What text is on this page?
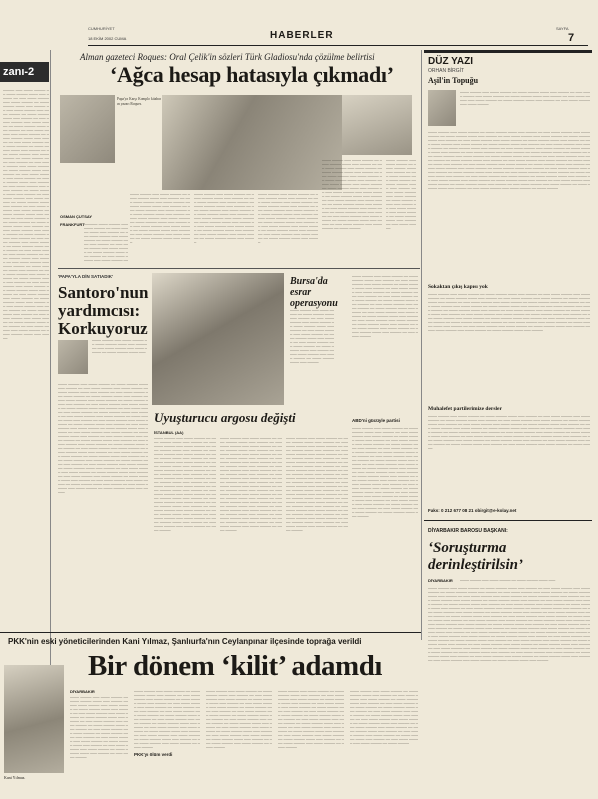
CUMHURİYET
18 EKİM 2002 CUMA	HABERLER
SAYFA
7
zanı-2
───── ─── ──── ───── ── ──── ───── ──── ─── ───── ── ─── ──── ───── ─── ──── ───── ── ──── ───── ──── ─── ───── ── ─── ──── ───── ─── ──── ───── ── ──── ───── ──── ─── ───── ── ─── ──── ───── ─── ──── ───── ── ──── ───── ──── ─── ───── ── ─── ──── ───── ─── ──── ───── ── ──── ───── ──── ─── ───── ── ─── ──── ───── ─── ──── ───── ── ──── ───── ──── ─── ───── ── ─── ──── ───── ─── ──── ───── ── ──── ───── ──── ─── ───── ── ─── ──── ───── ─── ──── ───── ── ──── ───── ──── ─── ───── ── ─── ──── ───── ─── ──── ───── ── ──── ───── ──── ─── ───── ── ─── ──── ───── ─── ──── ───── ── ──── ───── ──── ─── ───── ── ─── ──── ───── ─── ──── ───── ── ──── ───── ──── ─── ───── ── ─── ──── ───── ─── ──── ───── ── ──── ───── ──── ─── ───── ── ─── ──── ───── ─── ──── ───── ── ──── ───── ──── ─── ───── ── ─── ──── ───── ─── ──── ───── ── ──── ───── ──── ─── ───── ── ─── ──── ───── ─── ──── ───── ── ──── ───── ──── ─── ───── ── ─── ──── ───── ─── ──── ───── ── ──── ───── ──── ─── ───── ── ─── ──── ───── ─── ──── ───── ── ──── ───── ──── ─── ───── ── ─── ──── ───── ─── ──── ───── ── ──── ───── ──── ─── ───── ── ─── ──── ───── ─── ──── ───── ── ──── ───── ──── ─── ───── ── ─── ──── ───── ─── ──── ───── ── ──── ───── ──── ─── ───── ── ─── ──── ───── ─── ──── ───── ── ──── ───── ──── ─── ───── ── ─── ──── ───── ─── ──── ───── ── ──── ───── ──── ─── ───── ── ─── ──── ───── ─── ──── ───── ── ──── ───── ──── ─── ─────
Alman gazeteci Roques: Oral Çelik'in sözleri Türk Gladiosu'nda çözülme belirtisi
‘Ağca hesap hatasıyla çıkmadı’
Papa'ya Karşı Komplo kitabının yazarı Roques.
OSMAN ÇUTSAY
FRANKFURT ────── ──── ───── ─── ──── ───── ── ──── ───── ──── ─── ───── ── ─── ──── ───── ─── ──── ───── ── ──── ───── ──── ─── ───── ── ─── ──── ───── ─── ──── ───── ── ──── ───── ──── ─── ───── ── ─── ──── ───── ─── ──── ───── ── ──── ───── ──── ───
──── ───── ─── ──── ───── ── ──── ───── ──── ─── ───── ── ─── ──── ───── ─── ──── ───── ── ──── ───── ──── ─── ───── ── ─── ──── ───── ─── ──── ───── ── ──── ───── ──── ─── ───── ── ─── ──── ───── ─── ──── ───── ── ──── ───── ──── ─── ───── ── ─── ──── ───── ─── ──── ───── ── ──── ───── ──── ─── ───── ── ─── ──── ───── ─── ──── ───── ── ──── ───── ──── ─── ─────
──── ───── ─── ──── ───── ── ──── ───── ──── ─── ───── ── ─── ──── ───── ─── ──── ───── ── ──── ───── ──── ─── ───── ── ─── ──── ───── ─── ──── ───── ── ──── ───── ──── ─── ───── ── ─── ──── ───── ─── ──── ───── ── ──── ───── ──── ─── ───── ── ─── ──── ───── ─── ──── ───── ── ──── ───── ──── ─── ───── ── ─── ──── ───── ─── ──── ───── ── ──── ───── ──── ─── ─────
──── ───── ─── ──── ───── ── ──── ───── ──── ─── ───── ── ─── ──── ───── ─── ──── ───── ── ──── ───── ──── ─── ───── ── ─── ──── ───── ─── ──── ───── ── ──── ───── ──── ─── ───── ── ─── ──── ───── ─── ──── ───── ── ──── ───── ──── ─── ───── ── ─── ──── ───── ─── ──── ───── ── ──── ───── ──── ─── ───── ── ─── ──── ───── ─── ──── ───── ── ──── ───── ──── ─── ─────
──── ───── ─── ──── ───── ── ──── ───── ──── ─── ───── ── ─── ──── ───── ─── ──── ───── ── ──── ───── ──── ─── ───── ── ─── ──── ───── ─── ──── ───── ── ──── ───── ──── ─── ───── ── ─── ──── ───── ─── ──── ───── ── ──── ───── ──── ─── ───── ── ─── ──── ───── ─── ──── ───── ── ──── ───── ──── ─── ───── ── ─── ──── ───── ─── ──── ───── ── ──── ───── ──── ─── ───── ── ─── ──── ───── ─── ──── ───── ── ──── ───── ──── ─── ───── ── ─── ──── ───── ─── ──── ───── ── ──── ───── ──── ─── ───── ── ─── ──── ───── ─── ──── ───── ── ──── ─────
──── ───── ─── ──── ───── ── ──── ───── ──── ─── ───── ── ─── ──── ───── ─── ──── ───── ── ──── ───── ──── ─── ───── ── ─── ──── ───── ─── ──── ───── ── ──── ───── ──── ─── ───── ── ─── ──── ───── ─── ──── ───── ── ──── ───── ──── ─── ───── ── ─── ──── ─────
'PAPA'YLA DİN SATIADIK'
Santoro'nun yardımcısı: Korkuyoruz
──── ───── ─── ──── ───── ── ──── ───── ──── ─── ───── ── ─── ──── ───── ─── ──── ───── ── ──── ───── ──── ───
──── ───── ─── ──── ───── ── ──── ───── ──── ─── ───── ── ─── ──── ───── ─── ──── ───── ── ──── ───── ──── ─── ───── ── ─── ──── ───── ─── ──── ───── ── ──── ───── ──── ─── ───── ── ─── ──── ───── ─── ──── ───── ── ──── ───── ──── ─── ───── ── ─── ──── ───── ─── ──── ───── ── ──── ───── ──── ─── ───── ── ─── ──── ───── ─── ──── ───── ── ──── ───── ──── ─── ───── ── ─── ──── ───── ─── ──── ───── ── ──── ───── ──── ─── ───── ── ─── ──── ───── ─── ──── ───── ── ──── ───── ──── ─── ───── ── ─── ──── ───── ─── ──── ───── ── ──── ───── ──── ─── ───── ── ─── ──── ───── ─── ──── ───── ── ──── ───── ──── ─── ───── ── ─── ──── ───── ─── ──── ───── ── ──── ───── ──── ─── ───── ── ─── ──── ───── ─── ──── ───── ── ──── ───── ──── ─── ───── ── ─── ──── ───── ─── ──── ───── ── ──── ───── ──── ─── ───── ── ─── ──── ───── ─── ──── ───── ── ──── ───── ──── ─── ───── ── ─── ──── ───── ─── ──── ───── ── ──── ───── ──── ─── ───── ── ─── ──── ───── ─── ──── ───── ── ──── ───── ──── ─── ───── ── ─── ──── ───── ─── ──── ───── ── ──── ───── ──── ─── ───── ── ─── ──── ───── ─── ──── ───── ── ──── ───── ──── ─── ───── ── ─── ──── ───── ─── ──── ───── ── ──── ───── ──── ─── ───── ── ─── ──── ───── ─── ──── ───── ── ──── ───── ──── ─── ─────
Bursa'da esrar operasyonu
──── ───── ─── ──── ───── ── ──── ───── ──── ─── ───── ── ─── ──── ───── ─── ──── ───── ── ──── ───── ──── ─── ───── ── ─── ──── ───── ─── ──── ───── ── ──── ───── ──── ─── ───── ── ─── ──── ───── ─── ──── ───── ── ──── ───── ──── ─── ───── ── ─── ──── ───── ─── ──── ───── ── ──── ───── ──── ─── ─────
Uyuşturucu argosu değişti
İSTANBUL (AA)
──── ───── ─── ──── ───── ── ──── ───── ──── ─── ───── ── ─── ──── ───── ─── ──── ───── ── ──── ───── ──── ─── ───── ── ─── ──── ───── ─── ──── ───── ── ──── ───── ──── ─── ───── ── ─── ──── ───── ─── ──── ───── ── ──── ───── ──── ─── ───── ── ─── ──── ───── ─── ──── ───── ── ──── ───── ──── ─── ───── ── ─── ──── ───── ─── ──── ───── ── ──── ───── ──── ─── ───── ── ─── ──── ───── ─── ──── ───── ── ──── ───── ──── ─── ───── ── ─── ──── ───── ─── ──── ───── ── ──── ───── ──── ─── ───── ── ─── ──── ───── ─── ──── ───── ── ──── ───── ──── ─── ───── ── ─── ──── ───── ─── ──── ───── ── ──── ───── ──── ─── ───── ── ─── ──── ───── ─── ──── ───── ── ──── ───── ──── ─── ───── ── ─── ──── ───── ─── ──── ───── ── ──── ─────
──── ───── ─── ──── ───── ── ──── ───── ──── ─── ───── ── ─── ──── ───── ─── ──── ───── ── ──── ───── ──── ─── ───── ── ─── ──── ───── ─── ──── ───── ── ──── ───── ──── ─── ───── ── ─── ──── ───── ─── ──── ───── ── ──── ───── ──── ─── ───── ── ─── ──── ───── ─── ──── ───── ── ──── ───── ──── ─── ───── ── ─── ──── ───── ─── ──── ───── ── ──── ───── ──── ─── ───── ── ─── ──── ───── ─── ──── ───── ── ──── ───── ──── ─── ───── ── ─── ──── ───── ─── ──── ───── ── ──── ───── ──── ─── ───── ── ─── ──── ───── ─── ──── ───── ── ──── ───── ──── ─── ───── ── ─── ──── ───── ─── ──── ───── ── ──── ───── ──── ─── ───── ── ─── ──── ───── ─── ──── ───── ── ──── ───── ──── ─── ───── ── ─── ──── ───── ─── ──── ───── ── ──── ─────
──── ───── ─── ──── ───── ── ──── ───── ──── ─── ───── ── ─── ──── ───── ─── ──── ───── ── ──── ───── ──── ─── ───── ── ─── ──── ───── ─── ──── ───── ── ──── ───── ──── ─── ───── ── ─── ──── ───── ─── ──── ───── ── ──── ───── ──── ─── ───── ── ─── ──── ───── ─── ──── ───── ── ──── ───── ──── ─── ───── ── ─── ──── ───── ─── ──── ───── ── ──── ───── ──── ─── ───── ── ─── ──── ───── ─── ──── ───── ── ──── ───── ──── ─── ───── ── ─── ──── ───── ─── ──── ───── ── ──── ───── ──── ─── ───── ── ─── ──── ───── ─── ──── ───── ── ──── ───── ──── ─── ───── ── ─── ──── ───── ─── ──── ───── ── ──── ───── ──── ─── ───── ── ─── ──── ───── ─── ──── ───── ── ──── ───── ──── ─── ───── ── ─── ──── ───── ─── ──── ───── ── ──── ─────
──── ───── ─── ──── ───── ── ──── ───── ──── ─── ───── ── ─── ──── ───── ─── ──── ───── ── ──── ───── ──── ─── ───── ── ─── ──── ───── ─── ──── ───── ── ──── ───── ──── ─── ───── ── ─── ──── ───── ─── ──── ───── ── ──── ───── ──── ─── ───── ── ─── ──── ───── ─── ──── ───── ── ──── ───── ──── ─── ───── ── ─── ──── ───── ─── ──── ───── ── ──── ───── ──── ─── ───── ── ─── ──── ───── ─── ──── ───── ── ──── ───── ──── ─── ───── ── ─── ──── ───── ─── ──── ───── ── ──── ───── ──── ─── ───── ── ─── ──── ─────
ABD'ni gücüyle partisi
──── ───── ─── ──── ───── ── ──── ───── ──── ─── ───── ── ─── ──── ───── ─── ──── ───── ── ──── ───── ──── ─── ───── ── ─── ──── ───── ─── ──── ───── ── ──── ───── ──── ─── ───── ── ─── ──── ───── ─── ──── ───── ── ──── ───── ──── ─── ───── ── ─── ──── ───── ─── ──── ───── ── ──── ───── ──── ─── ───── ── ─── ──── ───── ─── ──── ───── ── ──── ───── ──── ─── ───── ── ─── ──── ───── ─── ──── ───── ── ──── ───── ──── ─── ───── ── ─── ──── ───── ─── ──── ───── ── ──── ───── ──── ─── ───── ── ─── ──── ───── ─── ──── ───── ── ──── ───── ──── ─── ───── ── ─── ──── ───── ─── ──── ───── ── ──── ───── ──── ─── ───── ── ─── ──── ───── ─── ──── ───── ── ──── ───── ──── ─── ───── ── ─── ──── ───── ─── ──── ───── ── ──── ───── ──── ─── ─────
DÜZ YAZI
ORHAN BİRGİT
Aşil'in Topuğu
──── ───── ─── ──── ───── ── ──── ───── ──── ─── ───── ── ─── ──── ───── ─── ──── ───── ── ──── ───── ──── ─── ───── ── ─── ──── ───── ─── ──── ───── ── ──── ───── ──── ─── ───── ── ─── ──── ───── ─── ──── ─────
──── ───── ─── ──── ───── ── ──── ───── ──── ─── ───── ── ─── ──── ───── ─── ──── ───── ── ──── ───── ──── ─── ───── ── ─── ──── ───── ─── ──── ───── ── ──── ───── ──── ─── ───── ── ─── ──── ───── ─── ──── ───── ── ──── ───── ──── ─── ───── ── ─── ──── ───── ─── ──── ───── ── ──── ───── ──── ─── ───── ── ─── ──── ───── ─── ──── ───── ── ──── ───── ──── ─── ───── ── ─── ──── ───── ─── ──── ───── ── ──── ───── ──── ─── ───── ── ─── ──── ───── ─── ──── ───── ── ──── ───── ──── ─── ───── ── ─── ──── ───── ─── ──── ───── ── ──── ───── ──── ─── ───── ── ─── ──── ───── ─── ──── ───── ── ──── ───── ──── ─── ───── ── ─── ──── ───── ─── ──── ───── ── ──── ───── ──── ─── ───── ── ─── ──── ───── ─── ──── ───── ── ──── ───── ──── ─── ───── ── ─── ──── ───── ─── ──── ───── ── ──── ───── ──── ─── ───── ── ─── ──── ───── ─── ──── ───── ── ──── ───── ──── ─── ───── ── ─── ──── ───── ─── ──── ───── ── ──── ───── ──── ─── ───── ── ─── ──── ───── ─── ──── ───── ── ──── ───── ──── ─── ───── ── ─── ──── ───── ─── ──── ───── ── ──── ───── ──── ─── ───── ── ─── ──── ───── ─── ──── ───── ── ──── ───── ──── ─── ───── ── ─── ──── ───── ─── ──── ───── ── ──── ───── ──── ─── ───── ── ─── ──── ───── ─── ──── ───── ── ──── ─────
Sokaktan çıkış kapısı yok
──── ───── ─── ──── ───── ── ──── ───── ──── ─── ───── ── ─── ──── ───── ─── ──── ───── ── ──── ───── ──── ─── ───── ── ─── ──── ───── ─── ──── ───── ── ──── ───── ──── ─── ───── ── ─── ──── ───── ─── ──── ───── ── ──── ───── ──── ─── ───── ── ─── ──── ───── ─── ──── ───── ── ──── ───── ──── ─── ───── ── ─── ──── ───── ─── ──── ───── ── ──── ───── ──── ─── ───── ── ─── ──── ───── ─── ──── ───── ── ──── ───── ──── ─── ───── ── ─── ──── ───── ─── ──── ───── ── ──── ───── ──── ─── ───── ── ─── ──── ───── ─── ──── ───── ── ──── ───── ──── ─── ───── ── ─── ──── ───── ─── ──── ───── ── ──── ───── ──── ─── ───── ── ─── ──── ───── ─── ──── ───── ── ──── ───── ──── ─── ───── ── ─── ──── ───── ─── ──── ───── ── ──── ───── ──── ─── ───── ── ─── ──── ───── ─── ──── ───── ── ──── ───── ──── ─── ─────
Muhalefet partilerimize dersler
──── ───── ─── ──── ───── ── ──── ───── ──── ─── ───── ── ─── ──── ───── ─── ──── ───── ── ──── ───── ──── ─── ───── ── ─── ──── ───── ─── ──── ───── ── ──── ───── ──── ─── ───── ── ─── ──── ───── ─── ──── ───── ── ──── ───── ──── ─── ───── ── ─── ──── ───── ─── ──── ───── ── ──── ───── ──── ─── ───── ── ─── ──── ───── ─── ──── ───── ── ──── ───── ──── ─── ───── ── ─── ──── ───── ─── ──── ───── ── ──── ───── ──── ─── ───── ── ─── ──── ───── ─── ──── ───── ── ──── ───── ──── ─── ───── ── ─── ──── ───── ─── ──── ───── ── ──── ───── ──── ─── ───── ── ─── ──── ───── ─── ──── ───── ── ──── ───── ──── ─── ───── ── ─── ──── ───── ─── ──── ───── ── ──── ─────
Faks: 0 212 677 08 21 obirgit@e-kolay.net
DİYARBAKIR BAROSU BAŞKANI:
‘Soruşturma derinleştirilsin’
DİYARBAKIR ──── ───── ─── ──── ───── ── ──── ───── ──── ───
──── ───── ─── ──── ───── ── ──── ───── ──── ─── ───── ── ─── ──── ───── ─── ──── ───── ── ──── ───── ──── ─── ───── ── ─── ──── ───── ─── ──── ───── ── ──── ───── ──── ─── ───── ── ─── ──── ───── ─── ──── ───── ── ──── ───── ──── ─── ───── ── ─── ──── ───── ─── ──── ───── ── ──── ───── ──── ─── ───── ── ─── ──── ───── ─── ──── ───── ── ──── ───── ──── ─── ───── ── ─── ──── ───── ─── ──── ───── ── ──── ───── ──── ─── ───── ── ─── ──── ───── ─── ──── ───── ── ──── ───── ──── ─── ───── ── ─── ──── ───── ─── ──── ───── ── ──── ───── ──── ─── ───── ── ─── ──── ───── ─── ──── ───── ── ──── ───── ──── ─── ───── ── ─── ──── ───── ─── ──── ───── ── ──── ───── ──── ─── ───── ── ─── ──── ───── ─── ──── ───── ── ──── ───── ──── ─── ───── ── ─── ──── ───── ─── ──── ───── ── ──── ───── ──── ─── ───── ── ─── ──── ───── ─── ──── ───── ── ──── ───── ──── ─── ───── ── ─── ──── ───── ─── ──── ───── ── ──── ───── ──── ─── ───── ── ─── ──── ───── ─── ──── ───── ── ──── ───── ──── ─── ───── ── ─── ──── ───── ─── ──── ───── ── ──── ───── ──── ─── ───── ── ─── ──── ───── ─── ──── ───── ── ──── ───── ──── ─── ───── ── ─── ──── ───── ─── ──── ───── ── ──── ───── ──── ─── ───── ── ─── ──── ───── ─── ──── ───── ── ──── ───── ──── ─── ───── ── ─── ──── ───── ─── ──── ───── ── ──── ───── ──── ─── ───── ── ─── ──── ───── ─── ──── ───── ── ──── ───── ──── ─── ───── ── ─── ──── ───── ─── ──── ───── ── ──── ───── ──── ─── ───── ── ─── ──── ───── ─── ──── ───── ── ──── ───── ──── ─── ───── ── ─── ──── ───── ─── ──── ───── ── ──── ───── ──── ─── ─────
PKK'nin eski yöneticilerinden Kani Yılmaz, Şanlıurfa'nın Ceylanpınar ilçesinde toprağa verildi
Bir dönem ‘kilit’ adamdı
Kani Yılmaz.
DİYARBAKIR
──── ───── ─── ──── ───── ── ──── ───── ──── ─── ───── ── ─── ──── ───── ─── ──── ───── ── ──── ───── ──── ─── ───── ── ─── ──── ───── ─── ──── ───── ── ──── ───── ──── ─── ───── ── ─── ──── ───── ─── ──── ───── ── ──── ───── ──── ─── ───── ── ─── ──── ───── ─── ──── ───── ── ──── ───── ──── ─── ───── ── ─── ──── ───── ─── ──── ───── ── ──── ───── ──── ─── ───── ── ─── ──── ───── ─── ──── ───── ── ──── ───── ──── ─── ───── ── ─── ──── ─────
──── ───── ─── ──── ───── ── ──── ───── ──── ─── ───── ── ─── ──── ───── ─── ──── ───── ── ──── ───── ──── ─── ───── ── ─── ──── ───── ─── ──── ───── ── ──── ───── ──── ─── ───── ── ─── ──── ───── ─── ──── ───── ── ──── ───── ──── ─── ───── ── ─── ──── ───── ─── ──── ───── ── ──── ───── ──── ─── ───── ── ─── ──── ───── ─── ──── ───── ── ──── ───── ──── ─── ───── ── ─── ──── ───── ─── ──── ───── ── ──── ───── ──── ─── ───── ── ─── ──── ───── ─── ──── ───── ── ──── ─────
PKK'yı ölüm verdi
──── ───── ─── ──── ───── ── ──── ───── ──── ─── ───── ── ─── ──── ───── ─── ──── ───── ── ──── ───── ──── ─── ───── ── ─── ──── ───── ─── ──── ───── ── ──── ───── ──── ─── ───── ── ─── ──── ───── ─── ──── ───── ── ──── ───── ──── ─── ───── ── ─── ──── ───── ─── ──── ───── ── ──── ───── ──── ─── ───── ── ─── ──── ───── ─── ──── ───── ── ──── ───── ──── ─── ───── ── ─── ──── ───── ─── ──── ───── ── ──── ───── ──── ─── ───── ── ─── ──── ───── ─── ──── ───── ── ──── ─────
──── ───── ─── ──── ───── ── ──── ───── ──── ─── ───── ── ─── ──── ───── ─── ──── ───── ── ──── ───── ──── ─── ───── ── ─── ──── ───── ─── ──── ───── ── ──── ───── ──── ─── ───── ── ─── ──── ───── ─── ──── ───── ── ──── ───── ──── ─── ───── ── ─── ──── ───── ─── ──── ───── ── ──── ───── ──── ─── ───── ── ─── ──── ───── ─── ──── ───── ── ──── ───── ──── ─── ───── ── ─── ──── ───── ─── ──── ───── ── ──── ───── ──── ─── ───── ── ─── ──── ───── ─── ──── ───── ── ──── ─────
──── ───── ─── ──── ───── ── ──── ───── ──── ─── ───── ── ─── ──── ───── ─── ──── ───── ── ──── ───── ──── ─── ───── ── ─── ──── ───── ─── ──── ───── ── ──── ───── ──── ─── ───── ── ─── ──── ───── ─── ──── ───── ── ──── ───── ──── ─── ───── ── ─── ──── ───── ─── ──── ───── ── ──── ───── ──── ─── ───── ── ─── ──── ───── ─── ──── ───── ── ──── ───── ──── ─── ───── ── ─── ──── ───── ─── ──── ───── ── ──── ───── ──── ─── ───── ── ─── ──── ───── ─── ──── ───── ── ──── ─────
